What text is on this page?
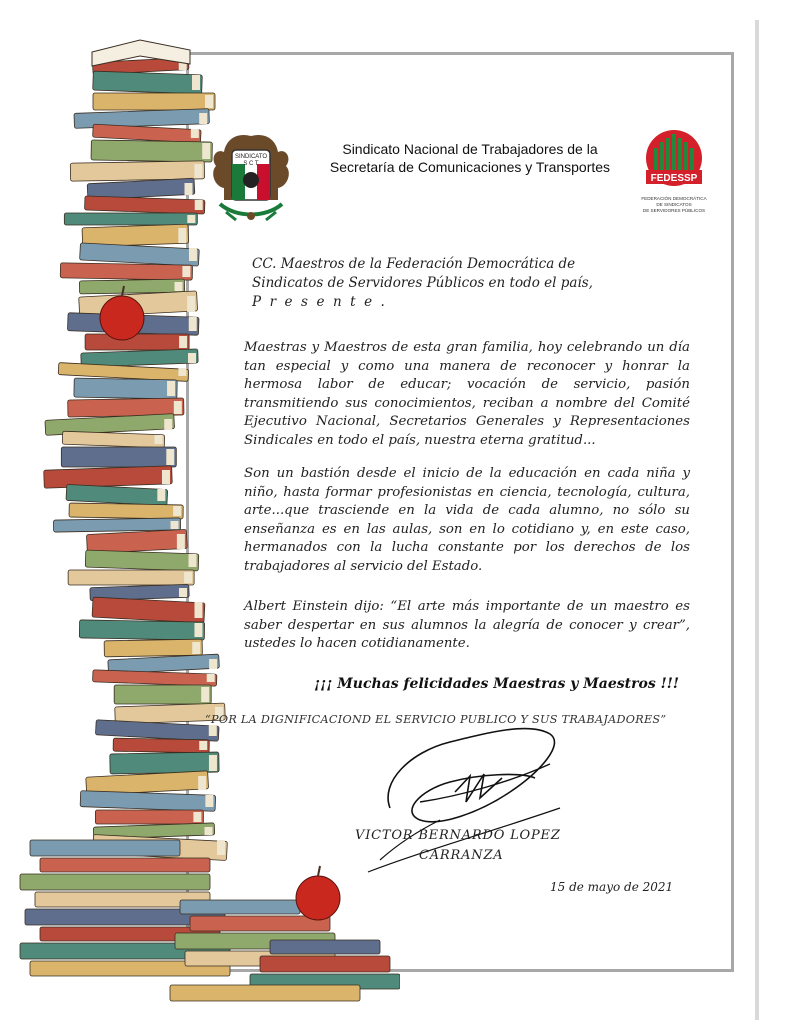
SINDICATO
S C T
FEDESSP
FEDERACIÓN DEMOCRÁTICA
DE SINDICATOS
DE SERVIDORES PÚBLICOS
Sindicato Nacional de Trabajadores de la
Secretaría de Comunicaciones y Transportes
CC. Maestros de la Federación Democrática de
Sindicatos de Servidores Públicos en todo el país,
Presente.
Maestras y Maestros de esta gran familia, hoy celebrando un día tan especial y como una manera de reconocer y honrar la hermosa labor de educar; vocación de servicio, pasión transmitiendo sus conocimientos, reciban a nombre del Comité Ejecutivo Nacional, Secretarios Generales y Representaciones Sindicales en todo el país, nuestra eterna gratitud...
Son un bastión desde el inicio de la educación en cada niña y niño, hasta formar profesionistas en ciencia, tecnología, cultura, arte...que trasciende en la vida de cada alumno, no sólo su enseñanza es en las aulas, son en lo cotidiano y, en este caso, hermanados con la lucha constante por los derechos de los trabajadores al servicio del Estado.
Albert Einstein dijo: “El arte más importante de un maestro es saber despertar en sus alumnos la alegría de conocer y crear”, ustedes lo hacen cotidianamente.
¡¡¡ Muchas felicidades Maestras y Maestros !!!
“POR LA DIGNIFICACIOND EL SERVICIO PUBLICO Y SUS TRABAJADORES”
VICTOR BERNARDO LOPEZ
CARRANZA
15 de mayo de 2021
